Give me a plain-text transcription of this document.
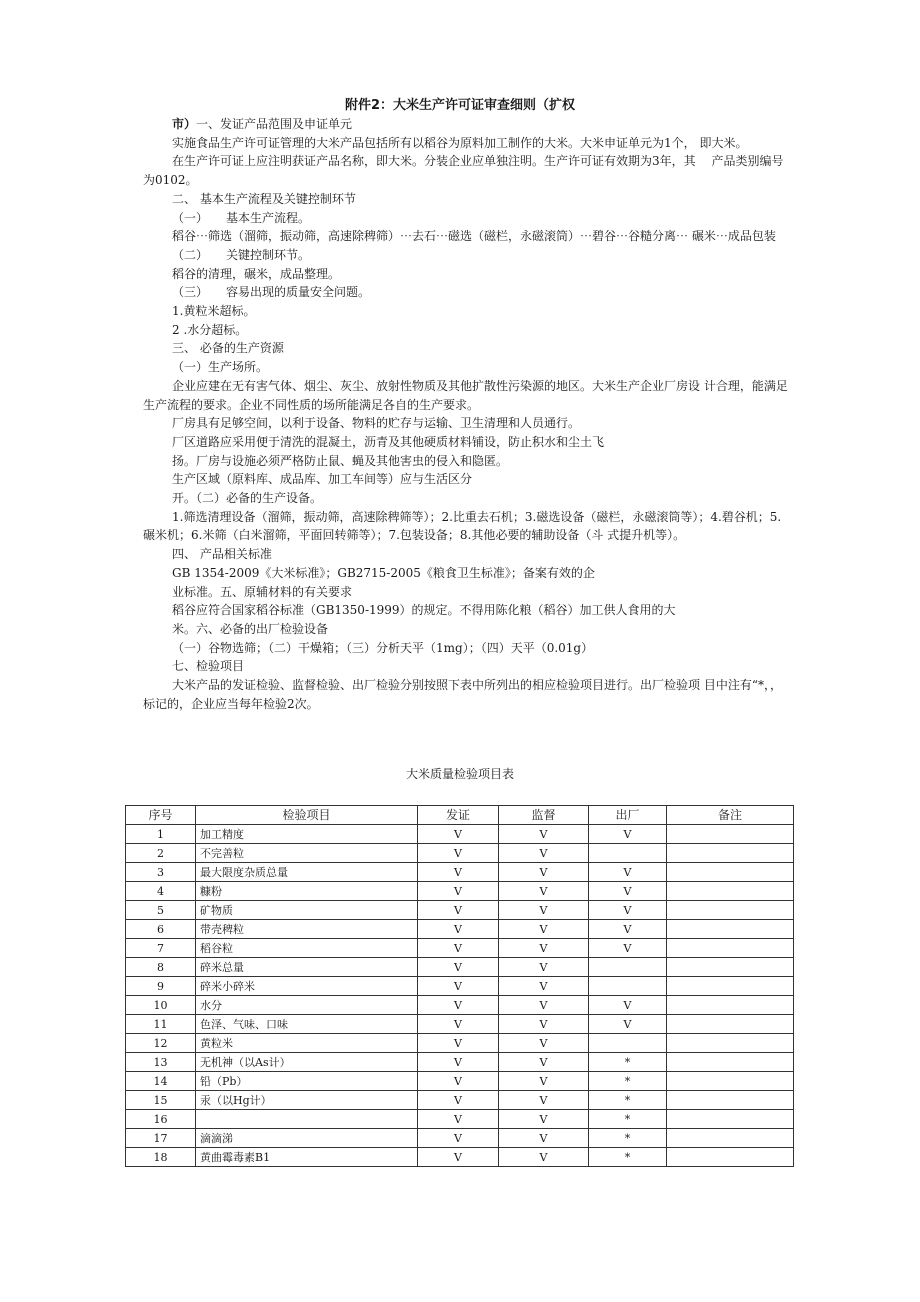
附件2：大米生产许可证审查细则（扩权

市）一、发证产品范围及申证单元

实施食品生产许可证管理的大米产品包括所有以稻谷为原料加工制作的大米。大米申证单元为1个， 即大米。

在生产许可证上应注明获证产品名称，即大米。分装企业应单独注明。生产许可证有效期为3年，其　 产品类别编号为0102。

二、 基本生产流程及关键控制环节

（一）　　基本生产流程。

稻谷⋯筛选（溜筛，振动筛，高速除稗筛）⋯去石⋯磁选（磁栏，永磁滚筒）⋯碧谷⋯谷糙分离⋯ 碾米⋯成品包装

（二）　　关键控制环节。

稻谷的清理，碾米，成品整理。

（三）　　容易出现的质量安全问题。

1.黄粒米超标。

2 .水分超标。

三、 必备的生产资源

（一）生产场所。

企业应建在无有害气体、烟尘、灰尘、放射性物质及其他扩散性污染源的地区。大米生产企业厂房设 计合理，能满足生产流程的要求。企业不同性质的场所能满足各自的生产要求。

厂房具有足够空间，以利于设备、物料的贮存与运输、卫生清理和人员通行。

厂区道路应采用便于清洗的混凝土，沥青及其他硬质材料铺设，防止积水和尘土飞

扬。厂房与设施必须严格防止鼠、蝇及其他害虫的侵入和隐匿。

生产区域（原料库、成品库、加工车间等）应与生活区分

开。（二）必备的生产设备。

1.筛选清理设备（溜筛，振动筛，高速除稗筛等）；2.比重去石机；3.磁选设备（磁栏，永磁滚筒等）；4.碧谷机；5.碾米机；6.米筛（白米溜筛，平面回转筛等）；7.包装设备；8.其他必要的辅助设备（斗 式提升机等）。

四、 产品相关标准

GB 1354-2009《大米标准》；GB2715-2005《粮食卫生标准》；备案有效的企

业标准。五、原辅材料的有关要求

稻谷应符合国家稻谷标准（GB1350-1999）的规定。不得用陈化粮（稻谷）加工供人食用的大

米。六、必备的出厂检验设备

（一）谷物选筛；（二）干燥箱；（三）分析天平（1mg）；（四）天平（0.01g）

七、检验项目

大米产品的发证检验、监督检验、出厂检验分别按照下表中所列出的相应检验项目进行。出厂检验项 目中注有“*，，标记的，企业应当每年检验2次。

大米质量检验项目表
序号	检验项目	发证	监督	出厂	备注
1	加工精度	V	V	V	
2	不完善粒	V	V		
3	最大限度杂质总量	V	V	V	
4	糠粉	V	V	V	
5	矿物质	V	V	V	
6	带壳稗粒	V	V	V	
7	稻谷粒	V	V	V	
8	碎米总量	V	V		
9	碎米小碎米	V	V		
10	水分	V	V	V	
11	色泽、气味、口味	V	V	V	
12	黄粒米	V	V		
13	无机神（以As计）	V	V	*	
14	铅（Pb）	V	V	*	
15	汞（以Hg计）	V	V	*	
16		V	V	*	
17	滴滴涕	V	V	*	
18	黄曲霉毒素B1	V	V	*	
